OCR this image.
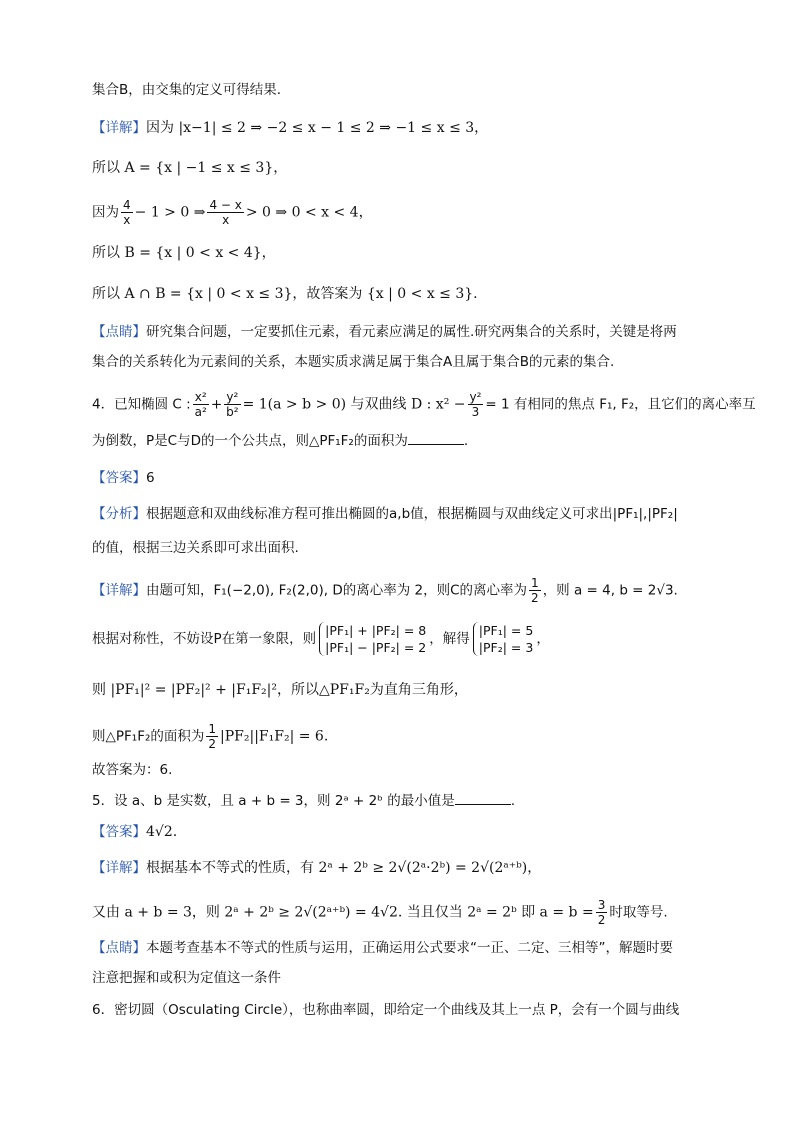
集合B，由交集的定义可得结果.
【详解】因为 |x−1| ≤ 2 ⇒ −2 ≤ x − 1 ≤ 2 ⇒ −1 ≤ x ≤ 3，
所以 A = {x | −1 ≤ x ≤ 3}，
因为 $\frac{4}{x} - 1 > 0$ ⇒ $\frac{4 - x}{x} > 0$ ⇒ 0 < x < 4，
所以 B = {x | 0 < x < 4}，
所以 A ∩ B = {x | 0 < x ≤ 3}，故答案为 {x | 0 < x ≤ 3}.
【点睛】研究集合问题，一定要抓住元素，看元素应满足的属性.研究两集合的关系时，关键是将两
集合的关系转化为元素间的关系，本题实质求满足属于集合A且属于集合B的元素的集合.
4．已知椭圆 C : $\frac{\text{x²}}{\text{a²}} + \frac{\text{y²}}{\text{b²}} = 1(a > b > 0)$ 与双曲线 D : $x^2 - \frac{\text{y²}}{3} = 1$ 有相同的焦点 F₁, F₂，且它们的离心率互
为倒数，P是C与D的一个公共点，则△PF₁F₂的面积为	.
【答案】6
【分析】根据题意和双曲线标准方程可推出椭圆的a,b值，根据椭圆与双曲线定义可求出|PF₁|,|PF₂|
的值，根据三边关系即可求出面积.
【详解】由题可知，F₁(−2,0), F₂(2,0), D的离心率为 2，则C的离心率为 $\frac{1}{2}$ ，则 a = 4, b = 2√3.
根据对称性，不妨设P在第一象限，则
|PF₁| + |PF₂| = 8
|PF₁| − |PF₂| = 2
，解得
|PF₁| = 5
|PF₂| = 3
，
则 |PF₁|² = |PF₂|² + |F₁F₂|²，所以△PF₁F₂为直角三角形，
则△PF₁F₂的面积为 $\frac{1}{2} |PF_2||F_1F_2| = 6$.
故答案为：6.
5．设 a、b 是实数，且 a + b = 3，则 2ᵃ + 2ᵇ 的最小值是	.
【答案】4√2.
【详解】根据基本不等式的性质，有 2ᵃ + 2ᵇ ≥ 2√(2ᵃ·2ᵇ) = 2√(2ᵃ⁺ᵇ)，
又由 a + b = 3，则 2ᵃ + 2ᵇ ≥ 2√(2ᵃ⁺ᵇ) = 4√2. 当且仅当 2ᵃ = 2ᵇ 即 $a = b = \frac{3}{2}$ 时取等号.
【点睛】本题考查基本不等式的性质与运用，正确运用公式要求“一正、二定、三相等”，解题时要
注意把握和或积为定值这一条件
6．密切圆（Osculating Circle），也称曲率圆，即给定一个曲线及其上一点 P，会有一个圆与曲线
